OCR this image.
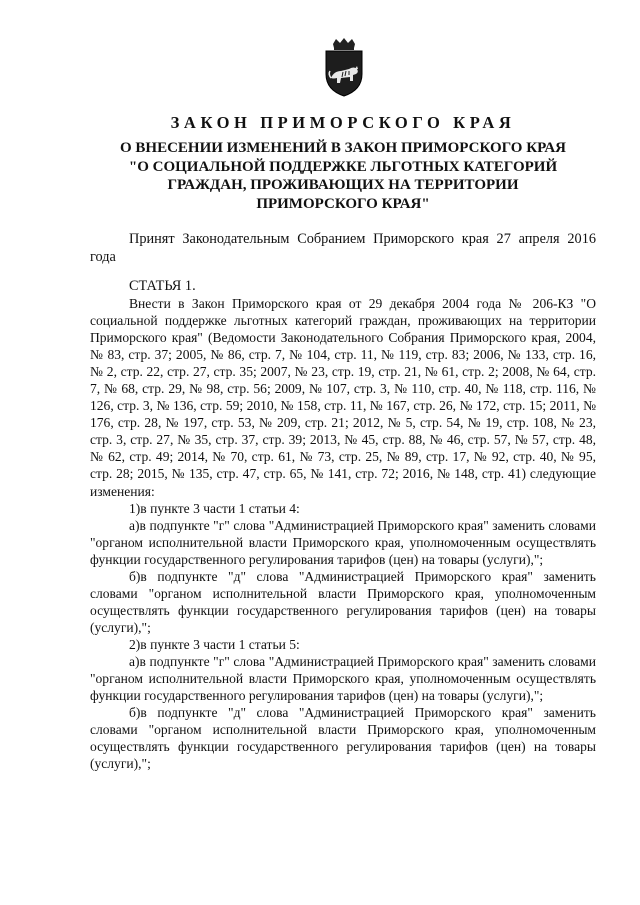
ЗАКОН ПРИМОРСКОГО КРАЯ
О ВНЕСЕНИИ ИЗМЕНЕНИЙ В ЗАКОН ПРИМОРСКОГО КРАЯ
"О СОЦИАЛЬНОЙ ПОДДЕРЖКЕ ЛЬГОТНЫХ КАТЕГОРИЙ
ГРАЖДАН, ПРОЖИВАЮЩИХ НА ТЕРРИТОРИИ
ПРИМОРСКОГО КРАЯ"
Принят Законодательным Собранием Приморского края 27 апреля 2016 года
СТАТЬЯ 1.

Внести в Закон Приморского края от 29 декабря 2004 года № 206-КЗ "О социальной поддержке льготных категорий граждан, проживающих на территории Приморского края" (Ведомости Законодательного Собрания Приморского края, 2004, № 83, стр. 37; 2005, № 86, стр. 7, № 104, стр. 11, № 119, стр. 83; 2006, № 133, стр. 16, № 2, стр. 22, стр. 27, стр. 35; 2007, № 23, стр. 19, стр. 21, № 61, стр. 2; 2008, № 64, стр. 7, № 68, стр. 29, № 98, стр. 56; 2009, № 107, стр. 3, № 110, стр. 40, № 118, стр. 116, № 126, стр. 3, № 136, стр. 59; 2010, № 158, стр. 11, № 167, стр. 26, № 172, стр. 15; 2011, № 176, стр. 28, № 197, стр. 53, № 209, стр. 21; 2012, № 5, стр. 54, № 19, стр. 108, № 23, стр. 3, стр. 27, № 35, стр. 37, стр. 39; 2013, № 45, стр. 88, № 46, стр. 57, № 57, стр. 48, № 62, стр. 49; 2014, № 70, стр. 61, № 73, стр. 25, № 89, стр. 17, № 92, стр. 40, № 95, стр. 28; 2015, № 135, стр. 47, стр. 65, № 141, стр. 72; 2016, № 148, стр. 41) следующие изменения:

1)в пункте 3 части 1 статьи 4:

а)в подпункте "г" слова "Администрацией Приморского края" заменить словами "органом исполнительной власти Приморского края, уполномоченным осуществлять функции государственного регулирования тарифов (цен) на товары (услуги),";

б)в подпункте "д" слова "Администрацией Приморского края" заменить словами "органом исполнительной власти Приморского края, уполномоченным осуществлять функции государственного регулирования тарифов (цен) на товары (услуги),";

2)в пункте 3 части 1 статьи 5:

а)в подпункте "г" слова "Администрацией Приморского края" заменить словами "органом исполнительной власти Приморского края, уполномоченным осуществлять функции государственного регулирования тарифов (цен) на товары (услуги),";

б)в подпункте "д" слова "Администрацией Приморского края" заменить словами "органом исполнительной власти Приморского края, уполномоченным осуществлять функции государственного регулирования тарифов (цен) на товары (услуги),";
